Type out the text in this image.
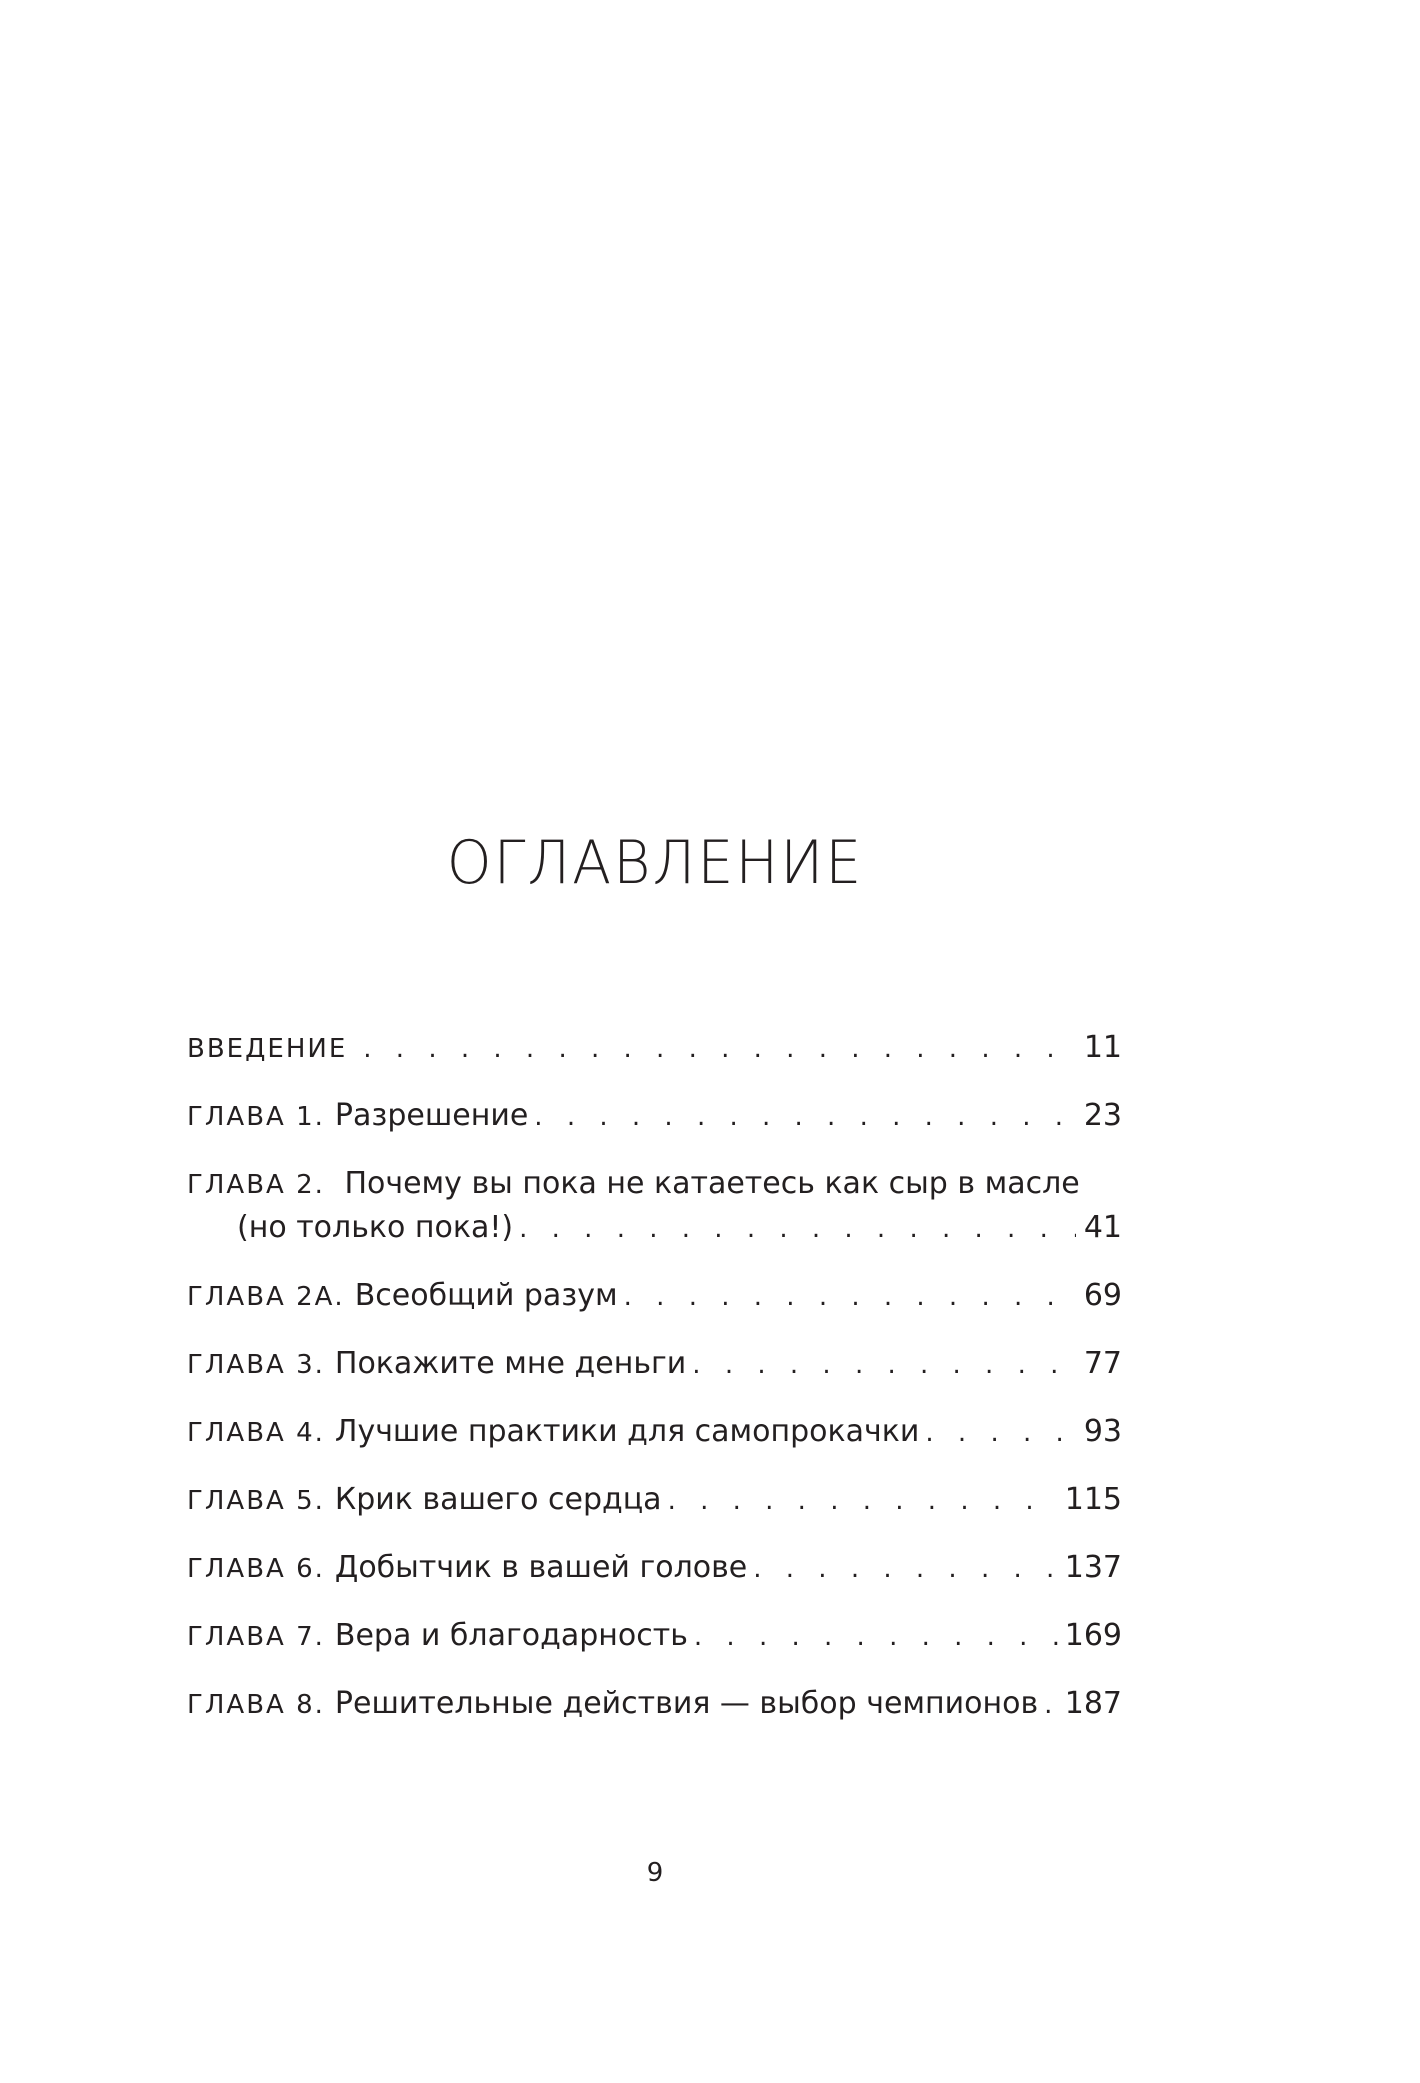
ОГЛАВЛЕНИЕ
ВВЕДЕНИЕ . . .	11
ГЛАВА 1. Разрешение . . .	23
ГЛАВА 2. Почему вы пока не катаетесь как сыр в масле
(но только пока!) . . .	41
ГЛАВА 2А. Всеобщий разум . . .	69
ГЛАВА 3. Покажите мне деньги . . .	77
ГЛАВА 4. Лучшие практики для самопрокачки . . .	93
ГЛАВА 5. Крик вашего сердца . . .	115
ГЛАВА 6. Добытчик в вашей голове . . .	137
ГЛАВА 7. Вера и благодарность . . .	169
ГЛАВА 8. Решительные действия — выбор чемпионов . . . 187
9
